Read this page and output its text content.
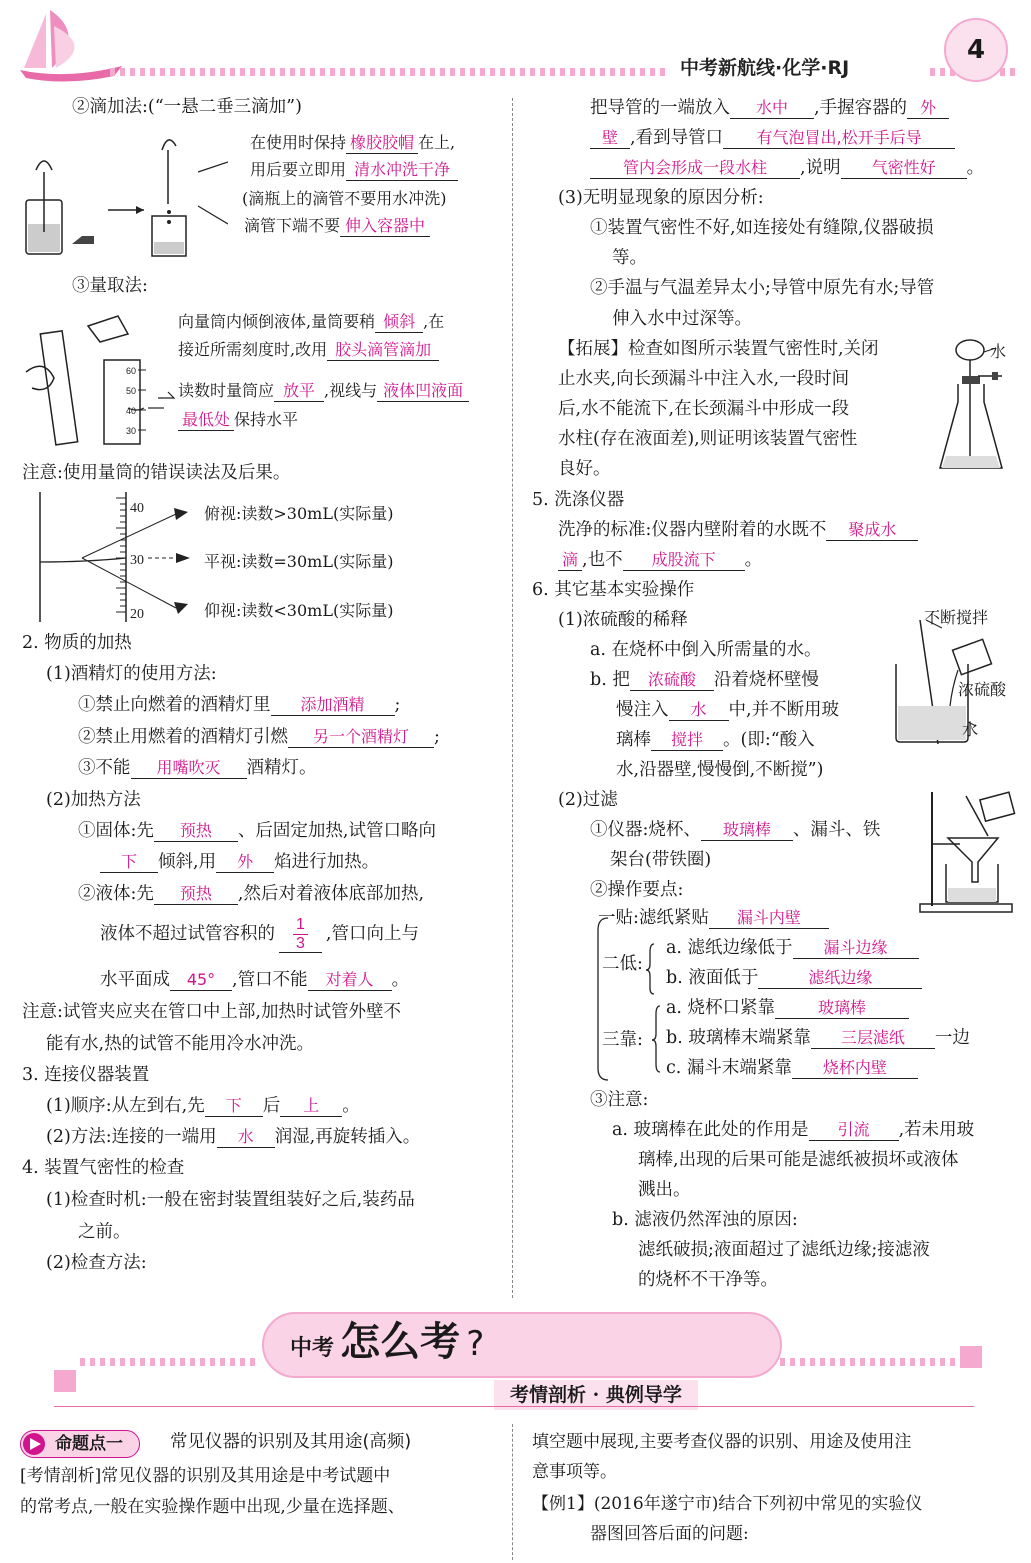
中考新航线·化学·RJ
4
②滴加法:(“一悬二垂三滴加”)
在使用时保持 橡胶胶帽 在上,
用后要立即用 清水冲洗干净
(滴瓶上的滴管不要用水冲洗)
滴管下端不要 伸入容器中
③量取法:
60
50
40
30
向量筒内倾倒液体,量筒要稍 倾斜 ,在
接近所需刻度时,改用 胶头滴管滴加
读数时量筒应 放平 ,视线与 液体凹液面
最低处 保持水平
注意:使用量筒的错误读法及后果。
40
30
20
俯视:读数>30mL(实际量)
平视:读数=30mL(实际量)
仰视:读数<30mL(实际量)
2. 物质的加热
(1)酒精灯的使用方法:
①禁止向燃着的酒精灯里 添加酒精 ;
②禁止用燃着的酒精灯引燃 另一个酒精灯 ;
③不能 用嘴吹灭 酒精灯。
(2)加热方法
①固体:先 预热 、后固定加热,试管口略向
下 倾斜,用 外 焰进行加热。
②液体:先 预热 ,然后对着液体底部加热,
液体不超过试管容积的 $\frac{1}{3}$ ,管口向上与
水平面成 45° ,管口不能 对着人 。
注意:试管夹应夹在管口中上部,加热时试管外壁不
能有水,热的试管不能用冷水冲洗。
3. 连接仪器装置
(1)顺序:从左到右,先 下 后 上 。
(2)方法:连接的一端用 水 润湿,再旋转插入。
4. 装置气密性的检查
(1)检查时机:一般在密封装置组装好之后,装药品
之前。
(2)检查方法:
把导管的一端放入 水中 ,手握容器的 外
壁 ,看到导管口 有气泡冒出,松开手后导
管内会形成一段水柱 ,说明 气密性好 。
(3)无明显现象的原因分析:
①装置气密性不好,如连接处有缝隙,仪器破损
等。
②手温与气温差异太小;导管中原先有水;导管
伸入水中过深等。
【拓展】检查如图所示装置气密性时,关闭
止水夹,向长颈漏斗中注入水,一段时间
后,水不能流下,在长颈漏斗中形成一段
水柱(存在液面差),则证明该装置气密性
良好。
水
5. 洗涤仪器
洗净的标准:仪器内壁附着的水既不 聚成水
滴 ,也不 成股流下 。
6. 其它基本实验操作
(1)浓硫酸的稀释
a. 在烧杯中倒入所需量的水。
b. 把 浓硫酸 沿着烧杯壁慢
慢注入 水 中,并不断用玻
璃棒 搅拌 。(即:“酸入
水,沿器壁,慢慢倒,不断搅”)
不断搅拌
浓硫酸
水
(2)过滤
①仪器:烧杯、 玻璃棒 、漏斗、铁
架台(带铁圈)
②操作要点:
一贴:滤纸紧贴 漏斗内壁
二低:
a. 滤纸边缘低于 漏斗边缘
b. 液面低于	滤纸边缘
三靠:
a. 烧杯口紧靠	玻璃棒
b. 玻璃棒末端紧靠 三层滤纸 一边
c. 漏斗末端紧靠 烧杯内壁
③注意:
a. 玻璃棒在此处的作用是 引流 ,若未用玻
璃棒,出现的后果可能是滤纸被损坏或液体
溅出。
b. 滤液仍然浑浊的原因:
滤纸破损;液面超过了滤纸边缘;接滤液
的烧杯不干净等。
中考 怎么考 ?
考情剖析 · 典例导学
命题点一	常见仪器的识别及其用途(高频)
[考情剖析]常见仪器的识别及其用途是中考试题中
的常考点,一般在实验操作题中出现,少量在选择题、
填空题中展现,主要考查仪器的识别、用途及使用注
意事项等。
【例1】(2016年遂宁市)结合下列初中常见的实验仪
器图回答后面的问题:
